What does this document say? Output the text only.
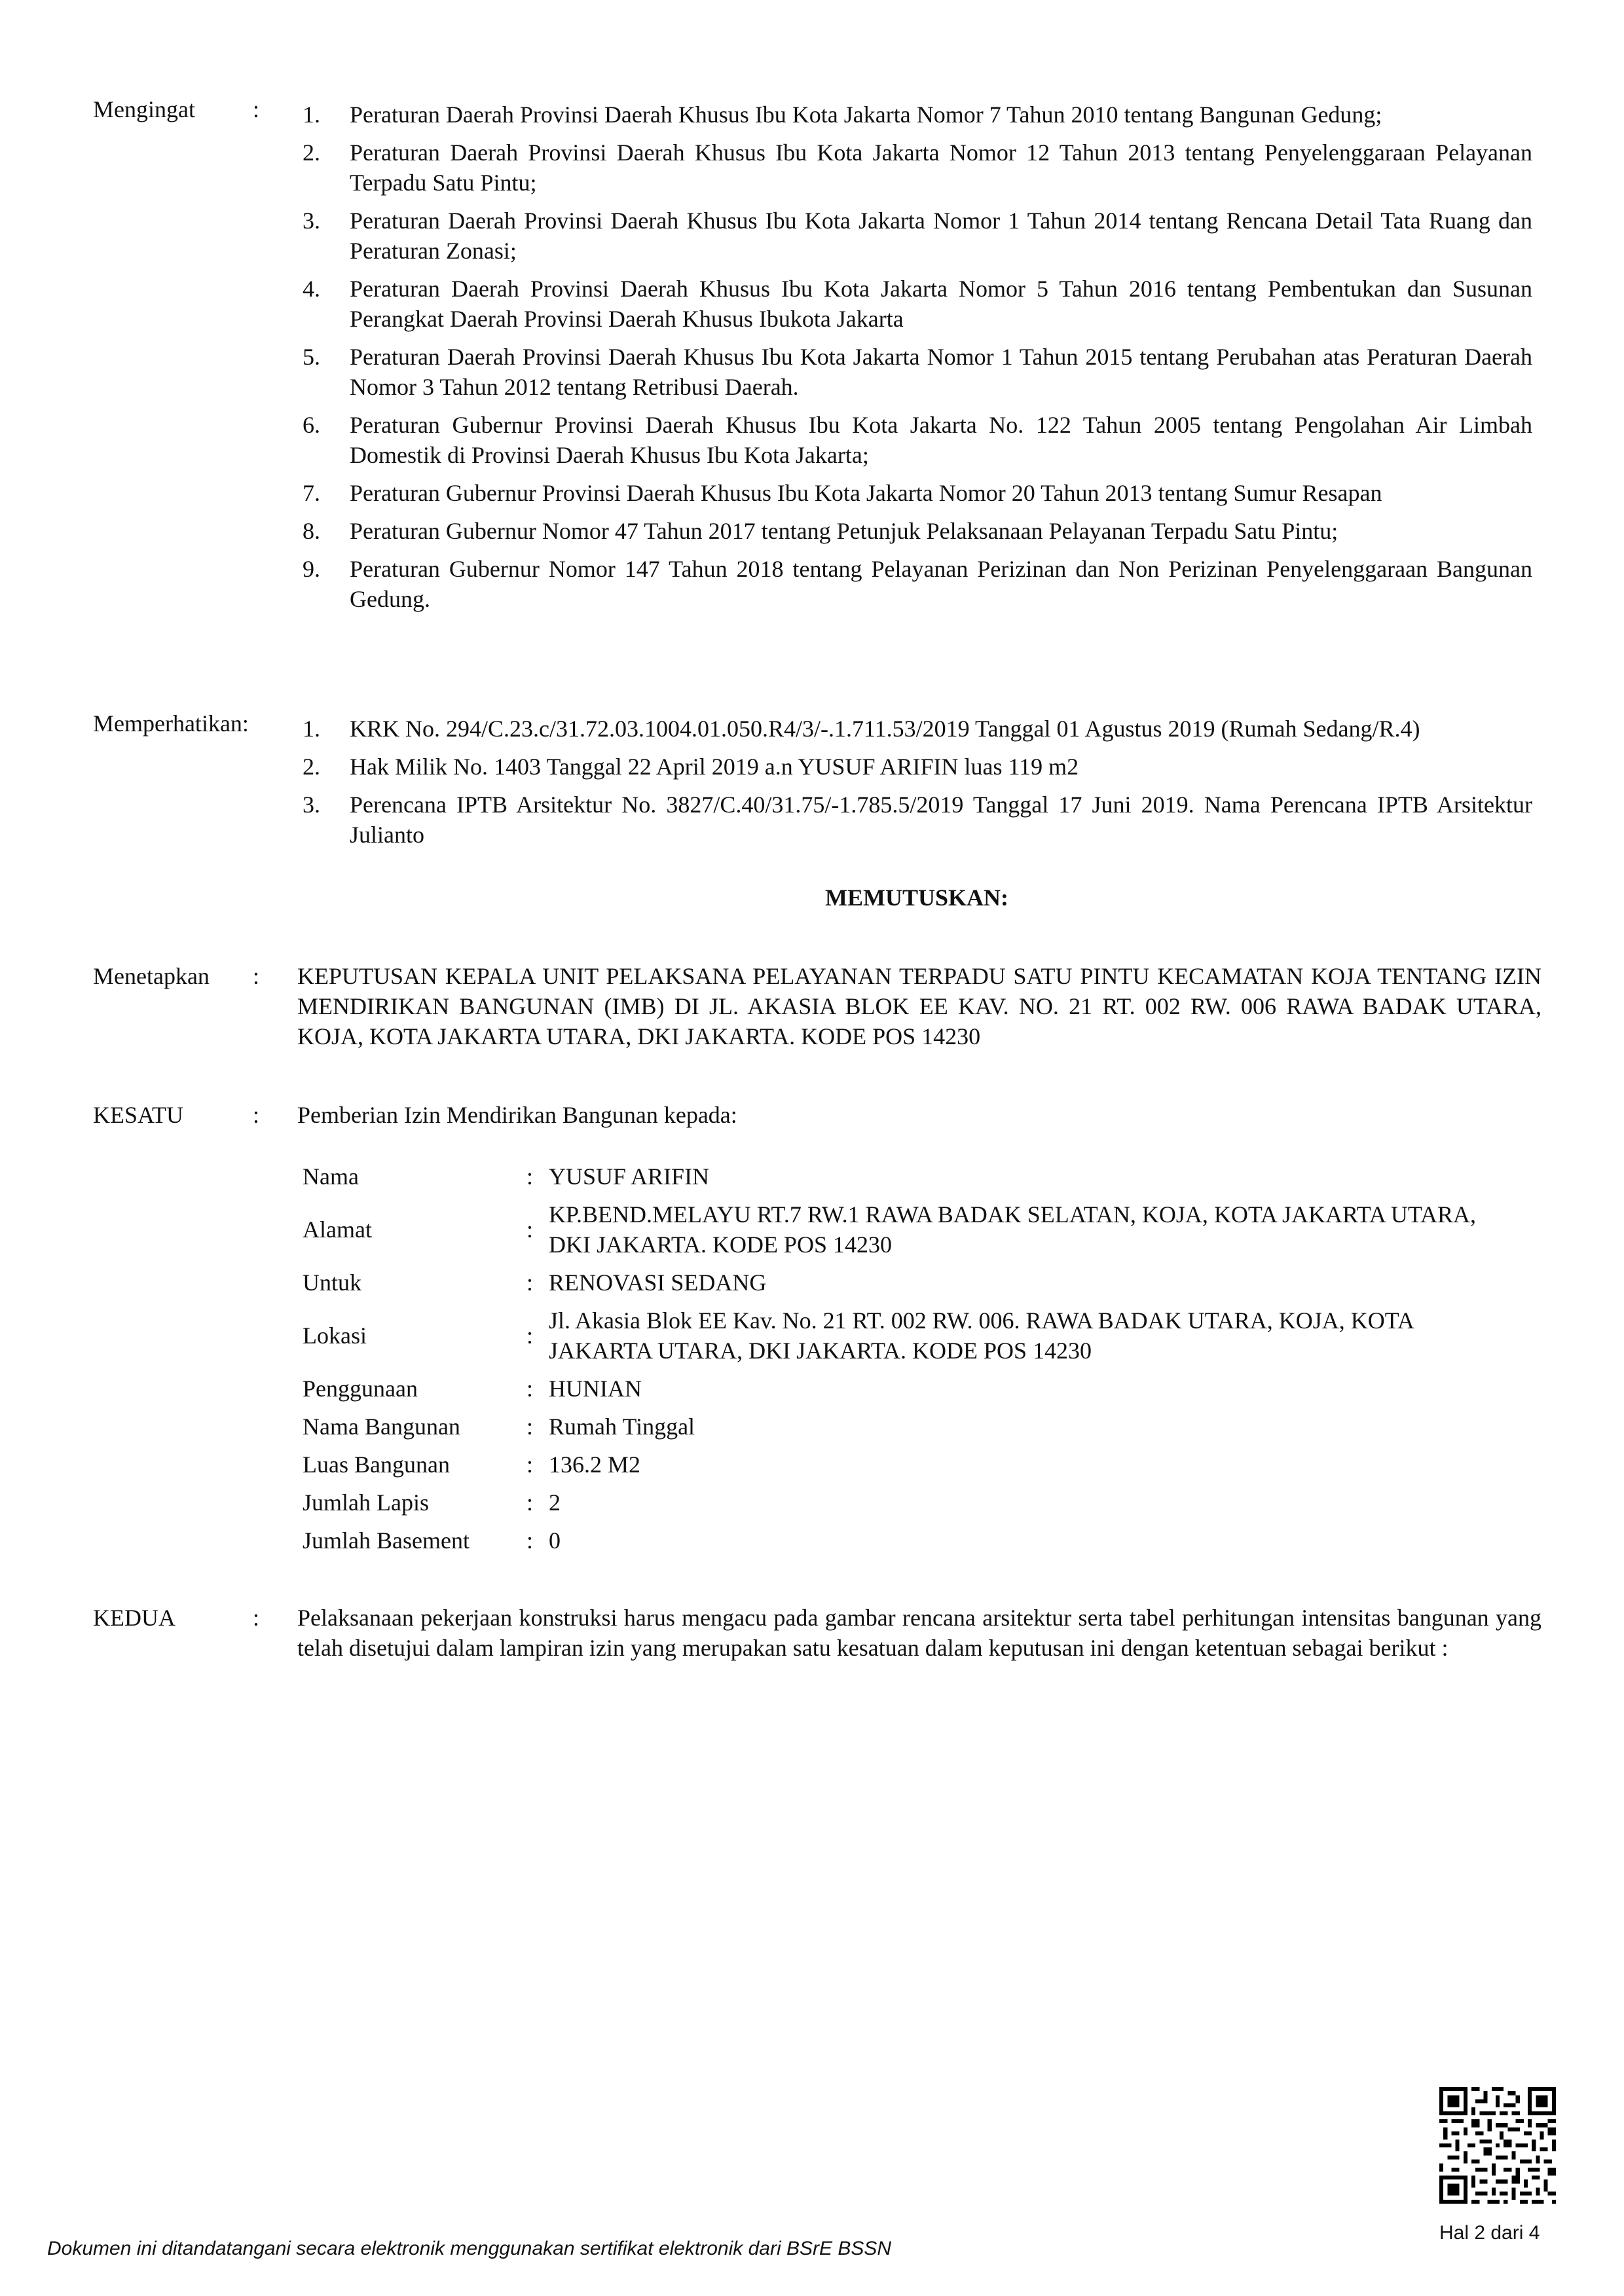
Mengingat : 1. Peraturan Daerah Provinsi Daerah Khusus Ibu Kota Jakarta Nomor 7 Tahun 2010 tentang Bangunan Gedung;
2. Peraturan Daerah Provinsi Daerah Khusus Ibu Kota Jakarta Nomor 12 Tahun 2013 tentang Penyelenggaraan Pelayanan Terpadu Satu Pintu;
3. Peraturan Daerah Provinsi Daerah Khusus Ibu Kota Jakarta Nomor 1 Tahun 2014 tentang Rencana Detail Tata Ruang dan Peraturan Zonasi;
4. Peraturan Daerah Provinsi Daerah Khusus Ibu Kota Jakarta Nomor 5 Tahun 2016 tentang Pembentukan dan Susunan Perangkat Daerah Provinsi Daerah Khusus Ibukota Jakarta
5. Peraturan Daerah Provinsi Daerah Khusus Ibu Kota Jakarta Nomor 1 Tahun 2015 tentang Perubahan atas Peraturan Daerah Nomor 3 Tahun 2012 tentang Retribusi Daerah.
6. Peraturan Gubernur Provinsi Daerah Khusus Ibu Kota Jakarta No. 122 Tahun 2005 tentang Pengolahan Air Limbah Domestik di Provinsi Daerah Khusus Ibu Kota Jakarta;
7. Peraturan Gubernur Provinsi Daerah Khusus Ibu Kota Jakarta Nomor 20 Tahun 2013 tentang Sumur Resapan
8. Peraturan Gubernur Nomor 47 Tahun 2017 tentang Petunjuk Pelaksanaan Pelayanan Terpadu Satu Pintu;
9. Peraturan Gubernur Nomor 147 Tahun 2018 tentang Pelayanan Perizinan dan Non Perizinan Penyelenggaraan Bangunan Gedung.
Memperhatikan: 1. KRK No. 294/C.23.c/31.72.03.1004.01.050.R4/3/-.1.711.53/2019 Tanggal 01 Agustus 2019 (Rumah Sedang/R.4)
2. Hak Milik No. 1403 Tanggal 22 April 2019 a.n YUSUF ARIFIN luas 119 m2
3. Perencana IPTB Arsitektur No. 3827/C.40/31.75/-1.785.5/2019 Tanggal 17 Juni 2019. Nama Perencana IPTB Arsitektur Julianto
MEMUTUSKAN:
Menetapkan : KEPUTUSAN KEPALA UNIT PELAKSANA PELAYANAN TERPADU SATU PINTU KECAMATAN KOJA TENTANG IZIN MENDIRIKAN BANGUNAN (IMB) DI JL. AKASIA BLOK EE KAV. NO. 21 RT. 002 RW. 006 RAWA BADAK UTARA, KOJA, KOTA JAKARTA UTARA, DKI JAKARTA. KODE POS 14230
KESATU	: Pemberian Izin Mendirikan Bangunan kepada:
Nama	:	YUSUF ARIFIN
Alamat	:	KP.BEND.MELAYU RT.7 RW.1 RAWA BADAK SELATAN, KOJA, KOTA JAKARTA UTARA, DKI JAKARTA. KODE POS 14230
Untuk	:	RENOVASI SEDANG
Lokasi	:	Jl. Akasia Blok EE Kav. No. 21 RT. 002 RW. 006. RAWA BADAK UTARA, KOJA, KOTA JAKARTA UTARA, DKI JAKARTA. KODE POS 14230
Penggunaan	:	HUNIAN
Nama Bangunan	:	Rumah Tinggal
Luas Bangunan	:	136.2 M2
Jumlah Lapis	:	2
Jumlah Basement	:	0
KEDUA	: Pelaksanaan pekerjaan konstruksi harus mengacu pada gambar rencana arsitektur serta tabel perhitungan intensitas bangunan yang telah disetujui dalam lampiran izin yang merupakan satu kesatuan dalam keputusan ini dengan ketentuan sebagai berikut :
Hal 2 dari 4
Dokumen ini ditandatangani secara elektronik menggunakan sertifikat elektronik dari BSrE BSSN
